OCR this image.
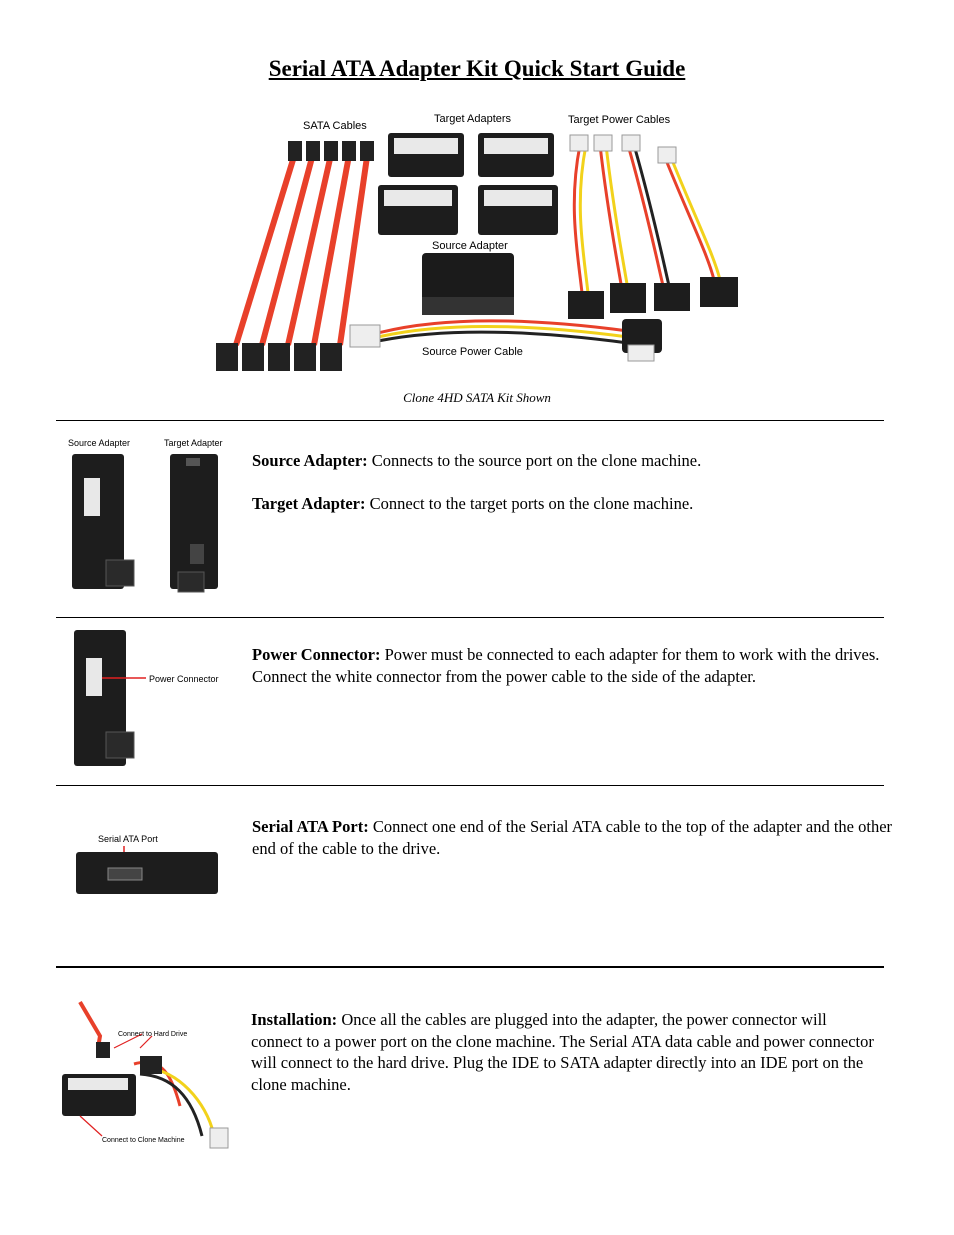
Serial ATA Adapter Kit Quick Start Guide
SATA Cables
Target Adapters
Source Adapter
Target Power Cables
Source Power Cable
Clone 4HD SATA Kit Shown
Source Adapter	Target Adapter

Source Adapter: Connects to the source port on the clone machine.

Target Adapter: Connect to the target ports on the clone machine.

Power Connector

Power Connector: Power must be connected to each adapter for them to work with the drives. Connect the white connector from the power cable to the side of the adapter.

Serial ATA Port

Serial ATA Port: Connect one end of the Serial ATA cable to the top of the adapter and the other end of the cable to the drive.

Connect to Hard Drive
Connect to Clone Machine

Installation: Once all the cables are plugged into the adapter, the power connector will connect to a power port on the clone machine. The Serial ATA data cable and power connector will connect to the hard drive. Plug the IDE to SATA adapter directly into an IDE port on the clone machine.
